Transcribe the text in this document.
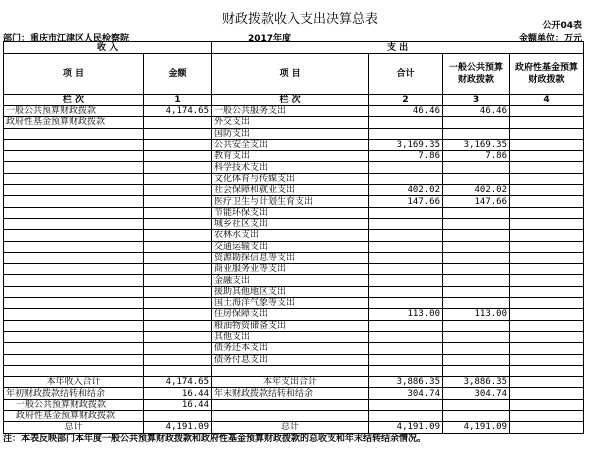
财政拨款收入支出决算总表	公开04表
部门：重庆市江津区人民检察院	2017年度	金额单位：万元
收 入		支 出			
项 目	金额	项 目	合计	一般公共预算财政拨款	政府性基金预算财政拨款
栏 次	1	栏 次	2	3	4
一般公共预算财政拨款	4,174.65	一般公共服务支出	46.46	46.46	
政府性基金预算财政拨款		外交支出			
		国防支出			
		公共安全支出	3,169.35	3,169.35	
		教育支出	7.86	7.86	
		科学技术支出			
		文化体育与传媒支出			
		社会保障和就业支出	402.02	402.02	
		医疗卫生与计划生育支出	147.66	147.66	
		节能环保支出			
		城乡社区支出			
		农林水支出			
		交通运输支出			
		资源勘探信息等支出			
		商业服务业等支出			
		金融支出			
		援助其他地区支出			
		国土海洋气象等支出			
		住房保障支出	113.00	113.00	
		粮油物资储备支出			
		其他支出			
		债务还本支出			
		债务付息支出			

本年收入合计	4,174.65	本年支出合计	3,886.35	3,886.35	
年初财政拨款结转和结余	16.44	年末财政拨款结转和结余	304.74	304.74	
一般公共预算财政拨款	16.44				
政府性基金预算财政拨款					
总计	4,191.09	总计	4,191.09	4,191.09	
注：本表反映部门本年度一般公共预算财政拨款和政府性基金预算财政拨款的总收支和年末结转结余情况。
